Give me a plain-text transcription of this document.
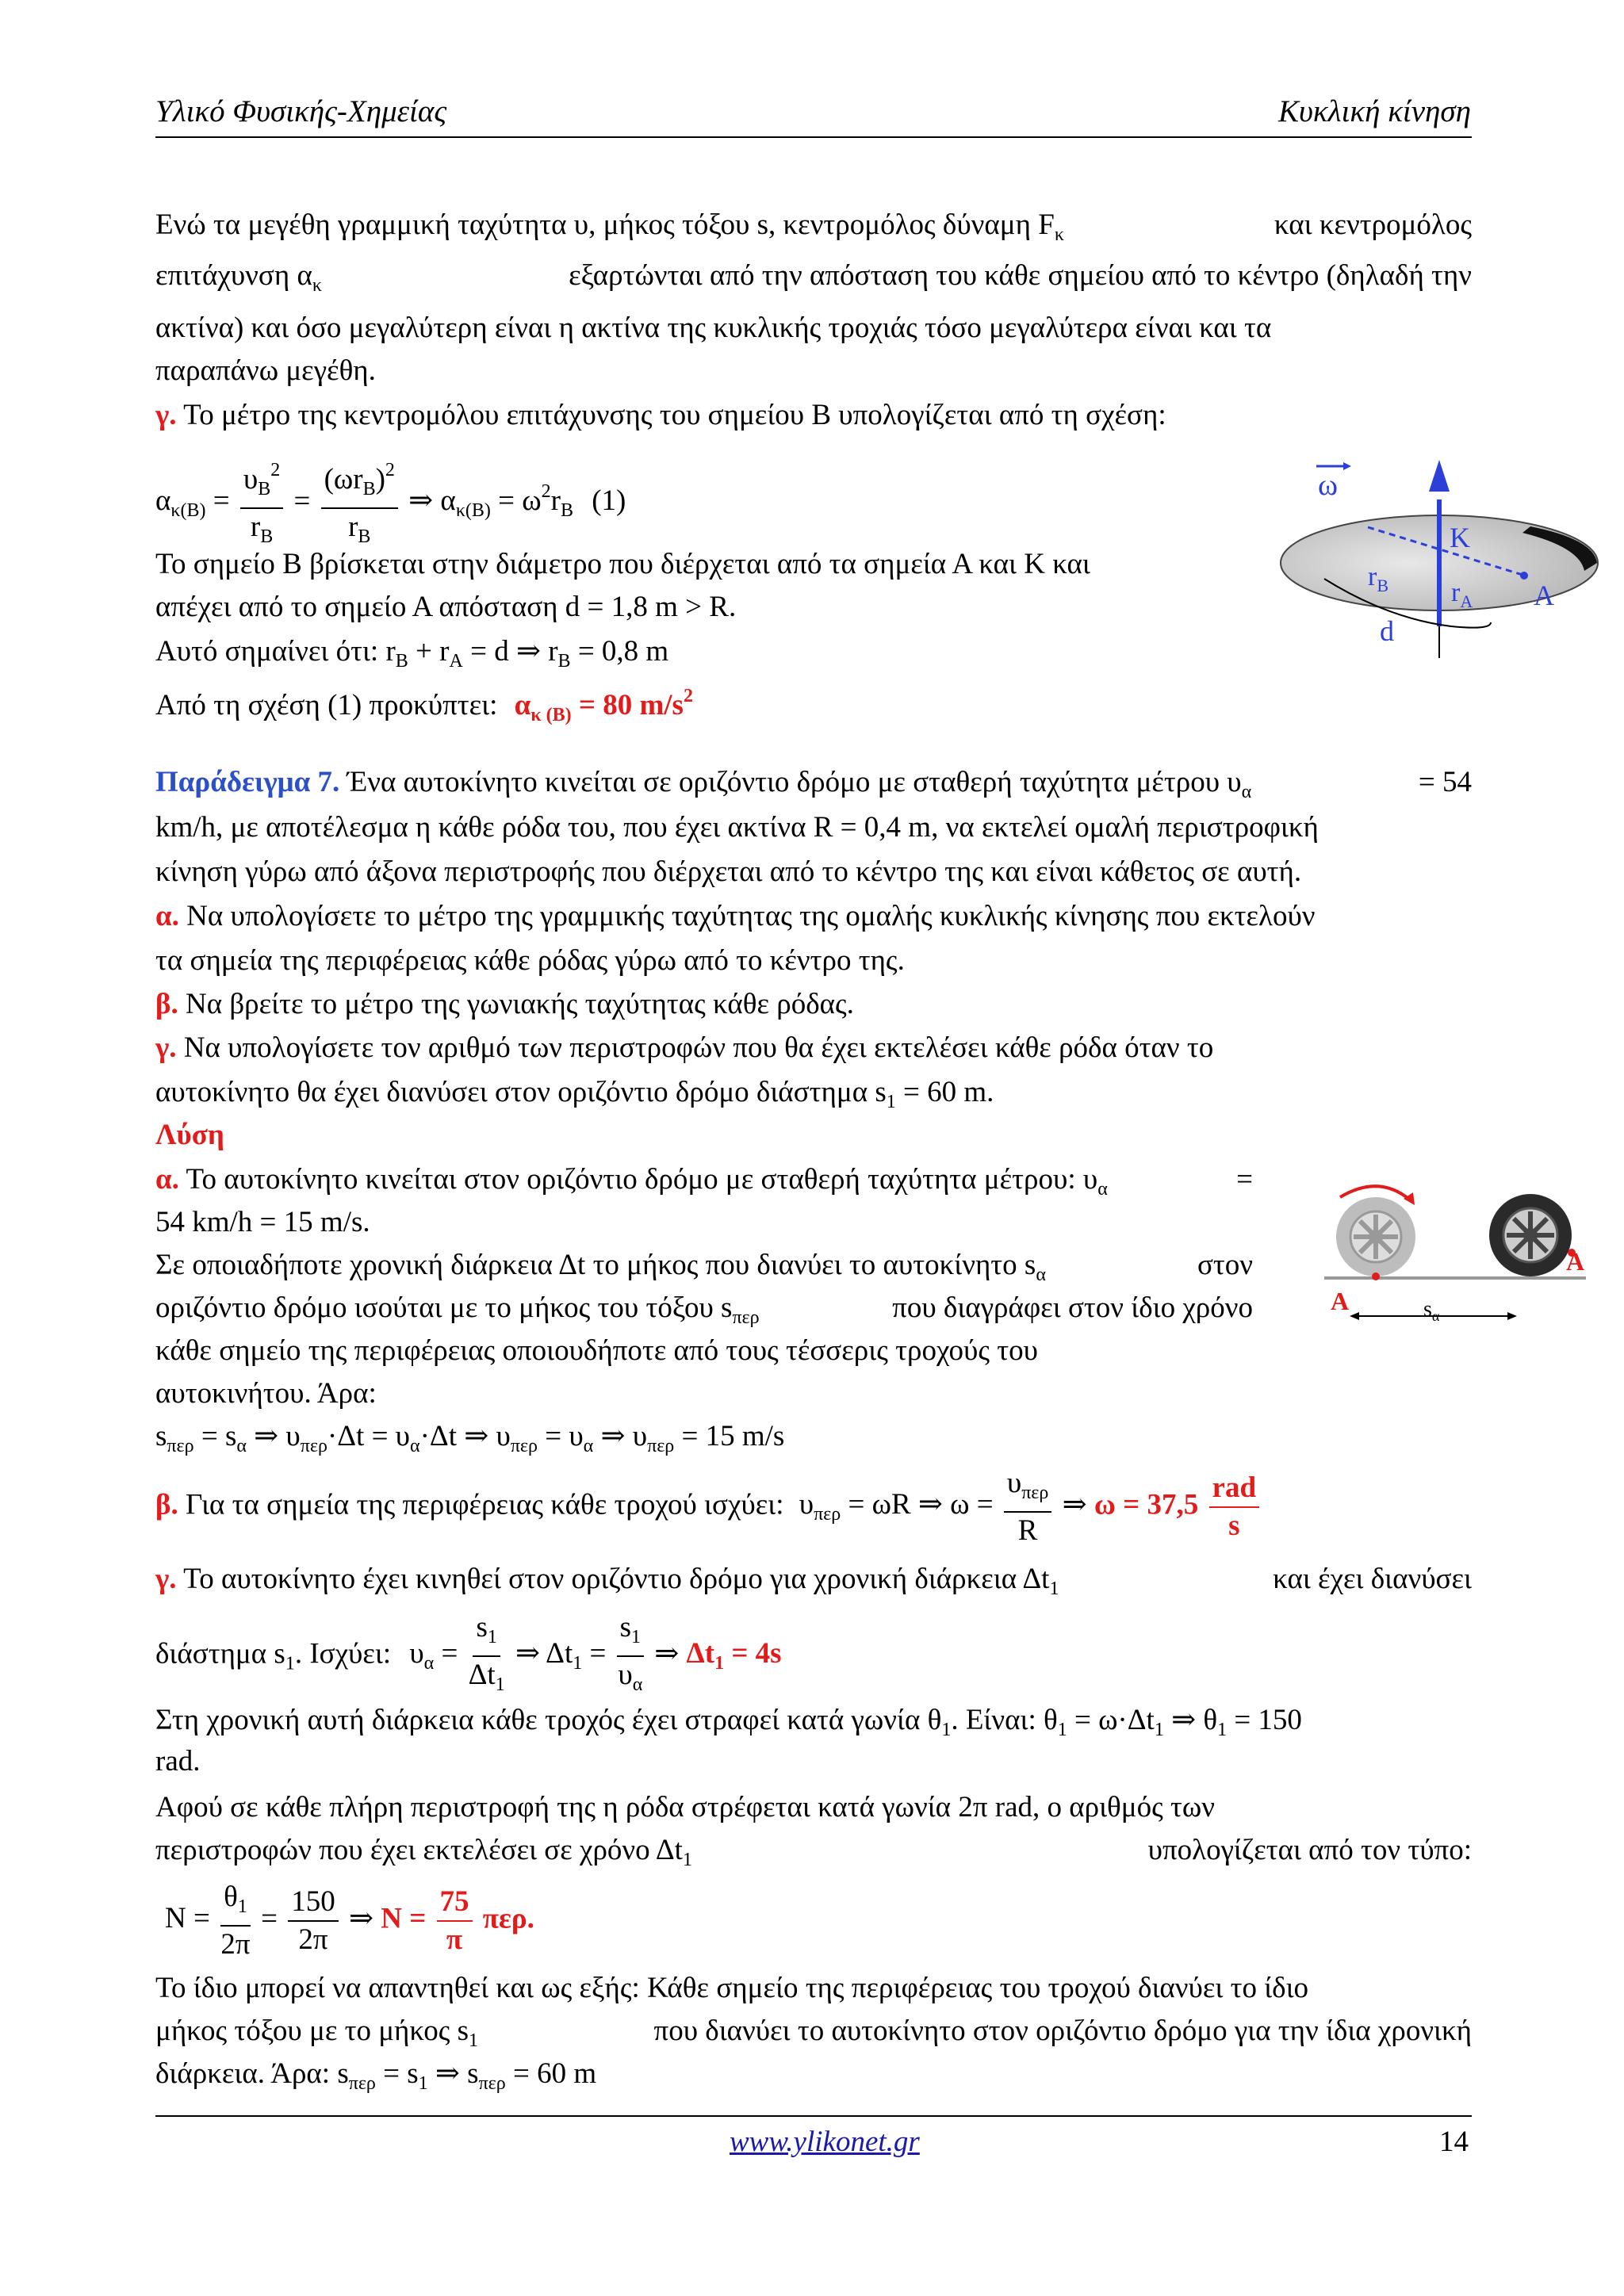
Υλικό Φυσικής-Χημείας	Κυκλική κίνηση
Ενώ τα μεγέθη γραμμική ταχύτητα υ, μήκος τόξου s, κεντρομόλος δύναμη $F_\kappa$	και κεντρομόλος
επιτάχυνση $\alpha_\kappa$	εξαρτώνται από την απόσταση του κάθε σημείου από το κέντρο (δηλαδή την
ακτίνα) και όσο μεγαλύτερη είναι η ακτίνα της κυκλικής τροχιάς τόσο μεγαλύτερα είναι και τα
παραπάνω μεγέθη.
γ. Το μέτρο της κεντρομόλου επιτάχυνσης του σημείου Β υπολογίζεται από τη σχέση:
$\alpha_{\kappa(B)} = \frac{\upsilon_B^2}{r_B} = \frac{(\omega r_B)^2}{r_B}$ ⇒ $\alpha_{\kappa(B)} = \omega^2r_B$ (1)
Το σημείο Β βρίσκεται στην διάμετρο που διέρχεται από τα σημεία Α και Κ και
απέχει από το σημείο Α απόσταση d = 1,8 m > R.
Αυτό σημαίνει ότι: $r_B + r_A = d$ ⇒ $r_B = 0,8$ m
Από τη σχέση (1) προκύπτει: $\alpha_{\kappa (B)} = 80$ $m/s^2$
ω
K
$r_B$ $r_A$ A
d
Παράδειγμα 7. Ένα αυτοκίνητο κινείται σε οριζόντιο δρόμο με σταθερή ταχύτητα μέτρου $\upsilon_\alpha$	= 54
km/h, με αποτέλεσμα η κάθε ρόδα του, που έχει ακτίνα R = 0,4 m, να εκτελεί ομαλή περιστροφική
κίνηση γύρω από άξονα περιστροφής που διέρχεται από το κέντρο της και είναι κάθετος σε αυτή.
α. Να υπολογίσετε το μέτρο της γραμμικής ταχύτητας της ομαλής κυκλικής κίνησης που εκτελούν
τα σημεία της περιφέρειας κάθε ρόδας γύρω από το κέντρο της.
β. Να βρείτε το μέτρο της γωνιακής ταχύτητας κάθε ρόδας.
γ. Να υπολογίσετε τον αριθμό των περιστροφών που θα έχει εκτελέσει κάθε ρόδα όταν το
αυτοκίνητο θα έχει διανύσει στον οριζόντιο δρόμο διάστημα $s_1 = 60$ m.
Λύση
α. Το αυτοκίνητο κινείται στον οριζόντιο δρόμο με σταθερή ταχύτητα μέτρου: $\upsilon_\alpha$	=
54 km/h = 15 m/s.
Σε οποιαδήποτε χρονική διάρκεια Δt το μήκος που διανύει το αυτοκίνητο $s_\alpha$	στον
οριζόντιο δρόμο ισούται με το μήκος του τόξου $s_{\pi\varepsilon\rho}$	που διαγράφει στον ίδιο χρόνο
κάθε σημείο της περιφέρειας οποιουδήποτε από τους τέσσερις τροχούς του
αυτοκινήτου. Άρα:
$s_{\pi\varepsilon\rho} = s_\alpha$ ⇒ $\upsilon_{\pi\varepsilon\rho}\cdot\Delta t = \upsilon_\alpha\cdot\Delta t$ ⇒ $\upsilon_{\pi\varepsilon\rho} = \upsilon_\alpha$ ⇒ $\upsilon_{\pi\varepsilon\rho} = 15$ m/s
A
A
$s_\alpha$
β. Για τα σημεία της περιφέρειας κάθε τροχού ισχύει: $\upsilon_{\pi\varepsilon\rho} = \omega R$ ⇒ $\omega = \frac{\upsilon_{\pi\varepsilon\rho}}{R}$ ⇒ $\omega = 37,5 \frac{\text{rad}}{s}$
γ. Το αυτοκίνητο έχει κινηθεί στον οριζόντιο δρόμο για χρονική διάρκεια $\Delta t_1$	και έχει διανύσει
διάστημα $s_1$. Ισχύει: $\upsilon_\alpha = \frac{s_1}{\Delta t_1}$ ⇒ $\Delta t_1 = \frac{s_1}{\upsilon_\alpha}$ ⇒ $\Delta t_1 = 4s$
Στη χρονική αυτή διάρκεια κάθε τροχός έχει στραφεί κατά γωνία $\theta_1$. Είναι: $\theta_1 = \omega\cdot\Delta t_1$ ⇒ $\theta_1 = 150$
rad.
Αφού σε κάθε πλήρη περιστροφή της η ρόδα στρέφεται κατά γωνία 2π rad, ο αριθμός των
περιστροφών που έχει εκτελέσει σε χρόνο $\Delta t_1$	υπολογίζεται από τον τύπο:
$N = \frac{\theta_1}{2\pi} = \frac{150}{2\pi}$ ⇒ $N = \frac{75}{\pi} \pi\varepsilon\rho$.
Το ίδιο μπορεί να απαντηθεί και ως εξής: Κάθε σημείο της περιφέρειας του τροχού διανύει το ίδιο
μήκος τόξου με το μήκος $s_1$	που διανύει το αυτοκίνητο στον οριζόντιο δρόμο για την ίδια χρονική
διάρκεια. Άρα: $s_{\pi\varepsilon\rho} = s_1$ ⇒ $s_{\pi\varepsilon\rho} = 60$ m
www.ylikonet.gr	14
